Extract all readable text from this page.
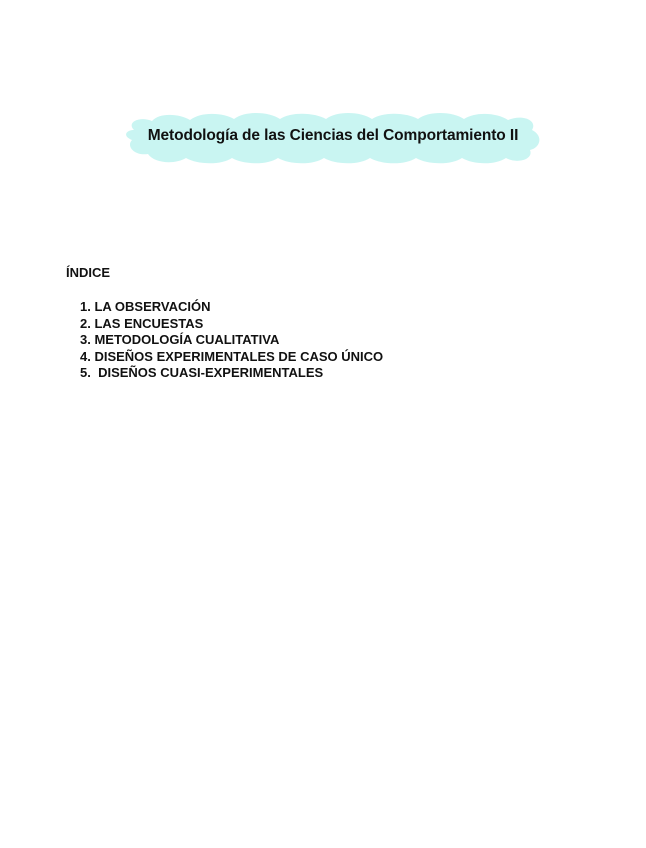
Metodología de las Ciencias del Comportamiento II
ÍNDICE
1. LA OBSERVACIÓN
2. LAS ENCUESTAS
3. METODOLOGÍA CUALITATIVA
4. DISEÑOS EXPERIMENTALES DE CASO ÚNICO
5.  DISEÑOS CUASI-EXPERIMENTALES
